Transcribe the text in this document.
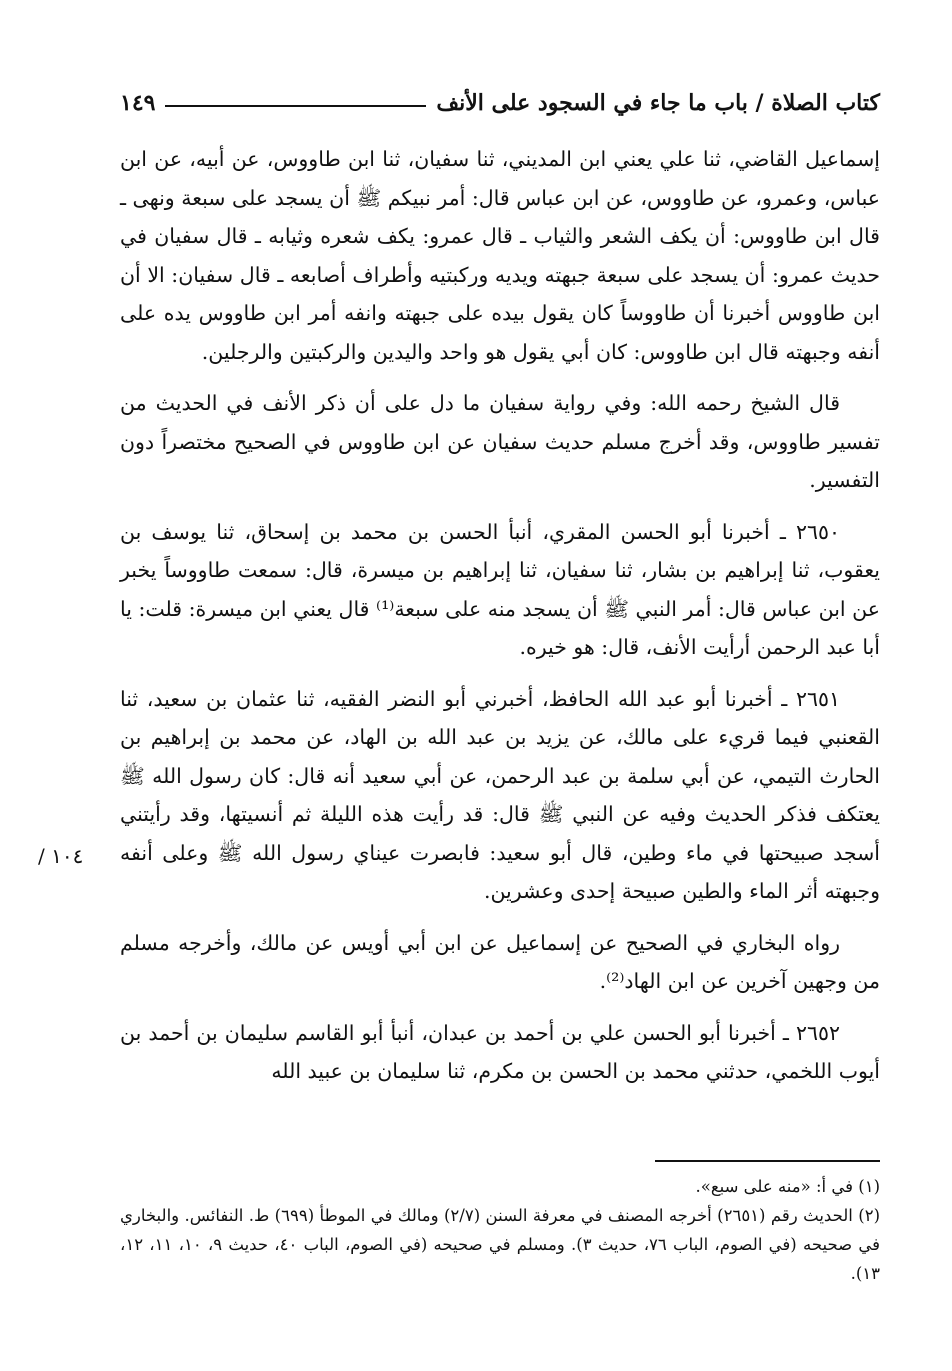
كتاب الصلاة / باب ما جاء في السجود على الأنف
١٤٩

إسماعيل القاضي، ثنا علي يعني ابن المديني، ثنا سفيان، ثنا ابن طاووس، عن أبيه، عن ابن عباس، وعمرو، عن طاووس، عن ابن عباس قال: أمر نبيكم ﷺ أن يسجد على سبعة ونهى ـ قال ابن طاووس: أن يكف الشعر والثياب ـ قال عمرو: يكف شعره وثيابه ـ قال سفيان في حديث عمرو: أن يسجد على سبعة جبهته ويديه وركبتيه وأطراف أصابعه ـ قال سفيان: الا أن ابن طاووس أخبرنا أن طاووساً كان يقول بيده على جبهته وانفه أمر ابن طاووس يده على أنفه وجبهته قال ابن طاووس: كان أبي يقول هو واحد واليدين والركبتين والرجلين.

قال الشيخ رحمه الله: وفي رواية سفيان ما دل على أن ذكر الأنف في الحديث من تفسير طاووس، وقد أخرج مسلم حديث سفيان عن ابن طاووس في الصحيح مختصراً دون التفسير.

٢٦٥٠ ـ أخبرنا أبو الحسن المقري، أنبأ الحسن بن محمد بن إسحاق، ثنا يوسف بن يعقوب، ثنا إبراهيم بن بشار، ثنا سفيان، ثنا إبراهيم بن ميسرة، قال: سمعت طاووساً يخبر عن ابن عباس قال: أمر النبي ﷺ أن يسجد منه على سبعة⁽¹⁾ قال يعني ابن ميسرة: قلت: يا أبا عبد الرحمن أرأيت الأنف، قال: هو خيره.

٢٦٥١ ـ أخبرنا أبو عبد الله الحافظ، أخبرني أبو النضر الفقيه، ثنا عثمان بن سعيد، ثنا القعنبي فيما قريء على مالك، عن يزيد بن عبد الله بن الهاد، عن محمد بن إبراهيم بن الحارث التيمي، عن أبي سلمة بن عبد الرحمن، عن أبي سعيد أنه قال: كان رسول الله ﷺ يعتكف فذكر الحديث وفيه عن النبي ﷺ قال: قد رأيت هذه الليلة ثم أنسيتها، وقد رأيتني أسجد صبيحتها في ماء وطين، قال أبو سعيد: فابصرت عيناي رسول الله ﷺ وعلى أنفه وجبهته أثر الماء والطين صبيحة إحدى وعشرين.

رواه البخاري في الصحيح عن إسماعيل عن ابن أبي أويس عن مالك، وأخرجه مسلم من وجهين آخرين عن ابن الهاد⁽²⁾.

٢٦٥٢ ـ أخبرنا أبو الحسن علي بن أحمد بن عبدان، أنبأ أبو القاسم سليمان بن أحمد بن أيوب اللخمي، حدثني محمد بن الحسن بن مكرم، ثنا سليمان بن عبيد الله

١٠٤ /

(١) في أ: «منه على سبع».

(٢) الحديث رقم (٢٦٥١) أخرجه المصنف في معرفة السنن (٢/٧) ومالك في الموطأ (٦٩٩) ط. النفائس. والبخاري في صحيحه (في الصوم، الباب ٧٦، حديث ٣). ومسلم في صحيحه (في الصوم، الباب ٤٠، حديث ٩، ١٠، ١١، ١٢، ١٣).
